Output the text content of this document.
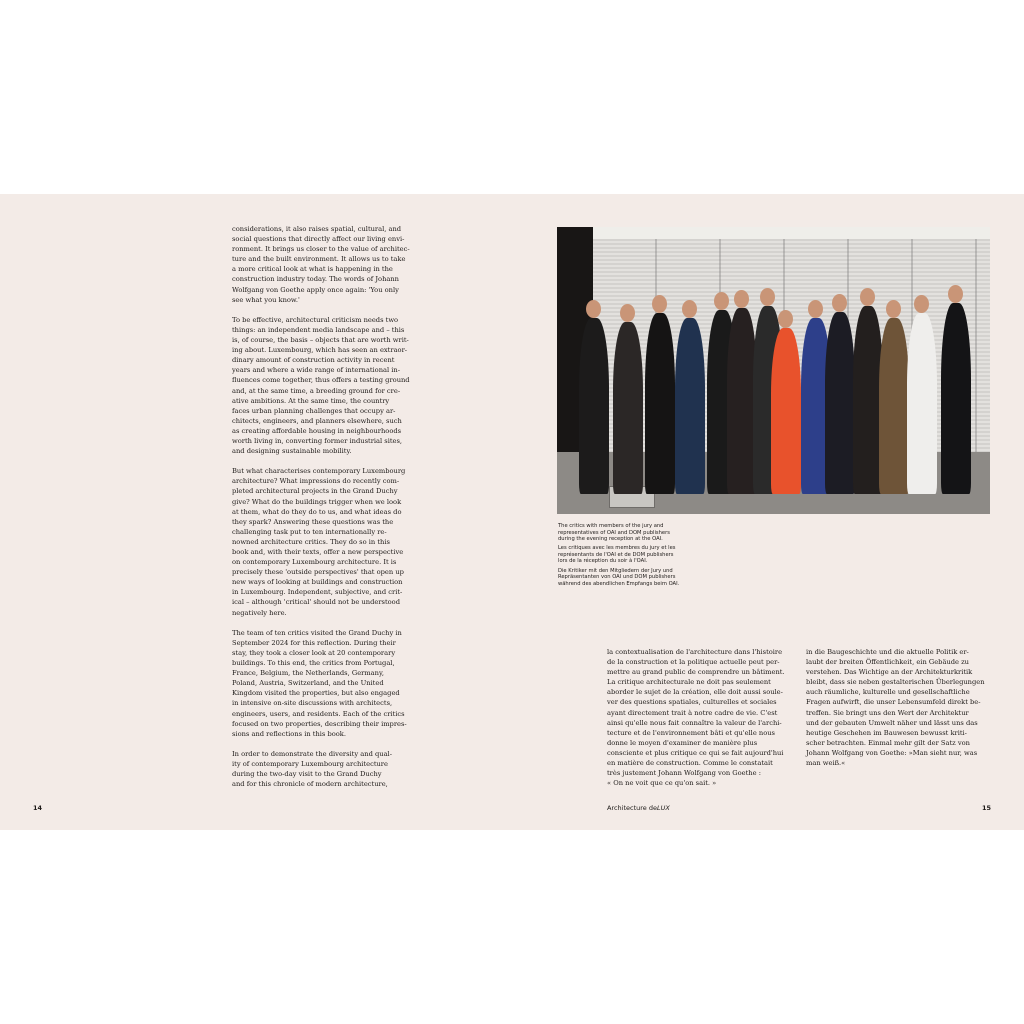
considerations, it also raises spatial, cultural, and
social questions that directly affect our living envi-
ronment. It brings us closer to the value of architec-
ture and the built environment. It allows us to take
a more critical look at what is happening in the
construction industry today. The words of Johann
Wolfgang von Goethe apply once again: 'You only
see what you know.'

To be effective, architectural criticism needs two
things: an independent media landscape and – this
is, of course, the basis – objects that are worth writ-
ing about. Luxembourg, which has seen an extraor-
dinary amount of construction activity in recent
years and where a wide range of international in-
fluences come together, thus offers a testing ground
and, at the same time, a breeding ground for cre-
ative ambitions. At the same time, the country
faces urban planning challenges that occupy ar-
chitects, engineers, and planners elsewhere, such
as creating affordable housing in neighbourhoods
worth living in, converting former industrial sites,
and designing sustainable mobility.

But what characterises contemporary Luxembourg
architecture? What impressions do recently com-
pleted architectural projects in the Grand Duchy
give? What do the buildings trigger when we look
at them, what do they do to us, and what ideas do
they spark? Answering these questions was the
challenging task put to ten internationally re-
nowned architecture critics. They do so in this
book and, with their texts, offer a new perspective
on contemporary Luxembourg architecture. It is
precisely these 'outside perspectives' that open up
new ways of looking at buildings and construction
in Luxembourg. Independent, subjective, and crit-
ical – although 'critical' should not be understood
negatively here.

The team of ten critics visited the Grand Duchy in
September 2024 for this reflection. During their
stay, they took a closer look at 20 contemporary
buildings. To this end, the critics from Portugal,
France, Belgium, the Netherlands, Germany,
Poland, Austria, Switzerland, and the United
Kingdom visited the properties, but also engaged
in intensive on-site discussions with architects,
engineers, users, and residents. Each of the critics
focused on two properties, describing their impres-
sions and reflections in this book.

In order to demonstrate the diversity and qual-
ity of contemporary Luxembourg architecture
during the two-day visit to the Grand Duchy
and for this chronicle of modern architecture,

The critics with members of the jury and
representatives of OAI and DOM publishers
during the evening reception at the OAI.

Les critiques avec les membres du jury et les
représentants de l'OAI et de DOM publishers
lors de la réception du soir à l'OAI.

Die Kritiker mit den Mitgliedern der Jury und
Repräsentanten von OAI und DOM publishers
während des abendlichen Empfangs beim OAI.

la contextualisation de l'architecture dans l'histoire
de la construction et la politique actuelle peut per-
mettre au grand public de comprendre un bâtiment.
La critique architecturale ne doit pas seulement
aborder le sujet de la création, elle doit aussi soule-
ver des questions spatiales, culturelles et sociales
ayant directement trait à notre cadre de vie. C'est
ainsi qu'elle nous fait connaître la valeur de l'archi-
tecture et de l'environnement bâti et qu'elle nous
donne le moyen d'examiner de manière plus
consciente et plus critique ce qui se fait aujourd'hui
en matière de construction. Comme le constatait
très justement Johann Wolfgang von Goethe :
« On ne voit que ce qu'on sait. »

in die Baugeschichte und die aktuelle Politik er-
laubt der breiten Öffentlichkeit, ein Gebäude zu
verstehen. Das Wichtige an der Architekturkritik
bleibt, dass sie neben gestalterischen Überlegungen
auch räumliche, kulturelle und gesellschaftliche
Fragen aufwirft, die unser Lebensumfeld direkt be-
treffen. Sie bringt uns den Wert der Architektur
und der gebauten Umwelt näher und lässt uns das
heutige Geschehen im Bauwesen bewusst kriti-
scher betrachten. Einmal mehr gilt der Satz von
Johann Wolfgang von Goethe: »Man sieht nur, was
man weiß.«

14	Architecture deLUX	15
